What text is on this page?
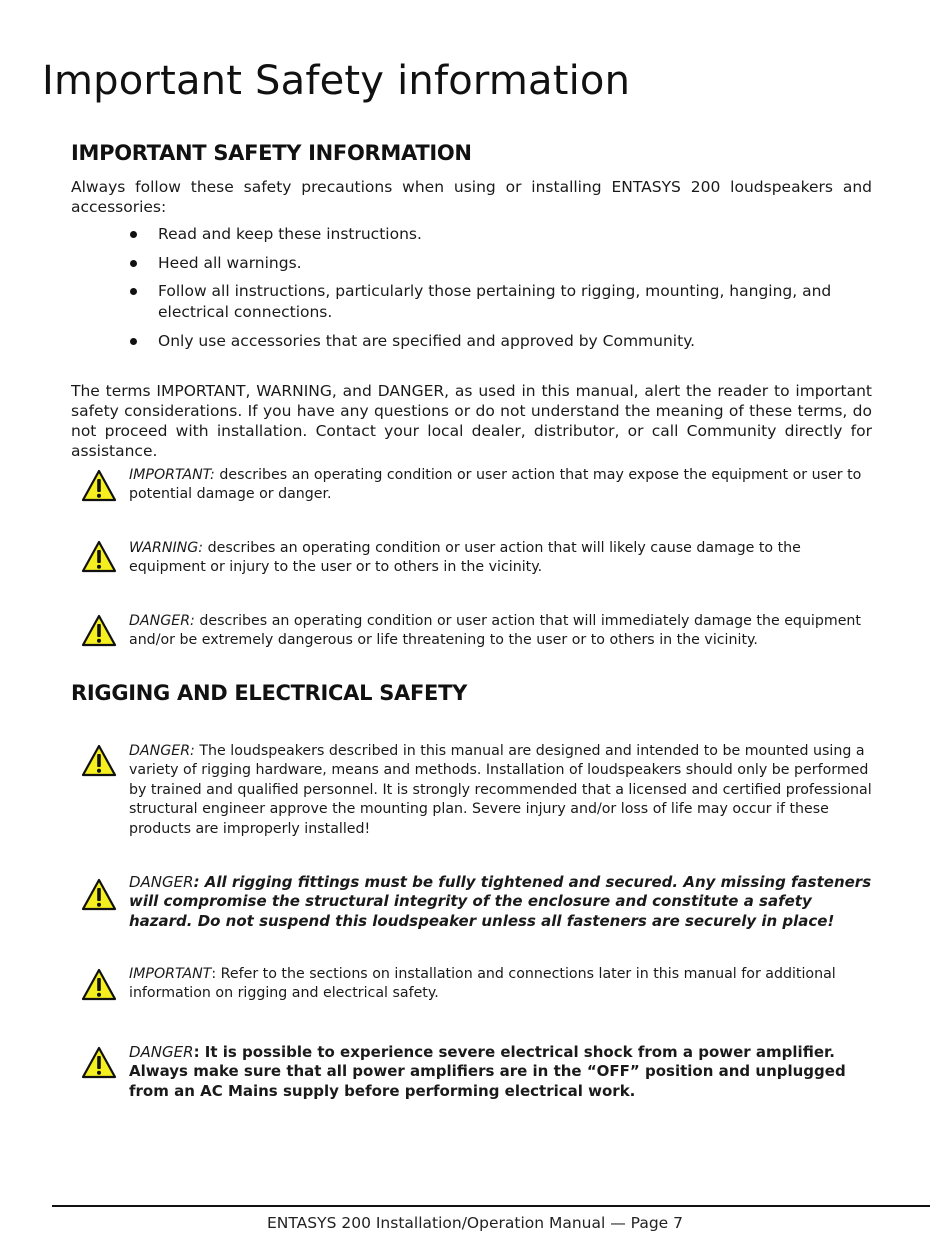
Important Safety information
IMPORTANT SAFETY INFORMATION

Always follow these safety precautions when using or installing ENTASYS 200 loudspeakers and accessories:

Read and keep these instructions.
Heed all warnings.
Follow all instructions, particularly those pertaining to rigging, mounting, hanging, and electrical connections.
Only use accessories that are specified and approved by Community.

The terms IMPORTANT, WARNING, and DANGER, as used in this manual, alert the reader to important safety considerations. If you have any questions or do not understand the meaning of these terms, do not proceed with installation. Contact your local dealer, distributor, or call Community directly for assistance.

IMPORTANT: describes an operating condition or user action that may expose the equipment or user to potential damage or danger.
WARNING: describes an operating condition or user action that will likely cause damage to the equipment or injury to the user or to others in the vicinity.
DANGER: describes an operating condition or user action that will immediately damage the equipment and/or be extremely dangerous or life threatening to the user or to others in the vicinity.
RIGGING AND ELECTRICAL SAFETY
DANGER: The loudspeakers described in this manual are designed and intended to be mounted using a variety of rigging hardware, means and methods. Installation of loudspeakers should only be performed by trained and qualified personnel. It is strongly recommended that a licensed and certified professional structural engineer approve the mounting plan. Severe injury and/or loss of life may occur if these products are improperly installed!
DANGER: All rigging fittings must be fully tightened and secured. Any missing fasteners will compromise the structural integrity of the enclosure and constitute a safety hazard. Do not suspend this loudspeaker unless all fasteners are securely in place!
IMPORTANT: Refer to the sections on installation and connections later in this manual for additional information on rigging and electrical safety.
DANGER: It is possible to experience severe electrical shock from a power amplifier. Always make sure that all power amplifiers are in the “OFF” position and unplugged from an AC Mains supply before performing electrical work.
ENTASYS 200 Installation/Operation Manual — Page 7
